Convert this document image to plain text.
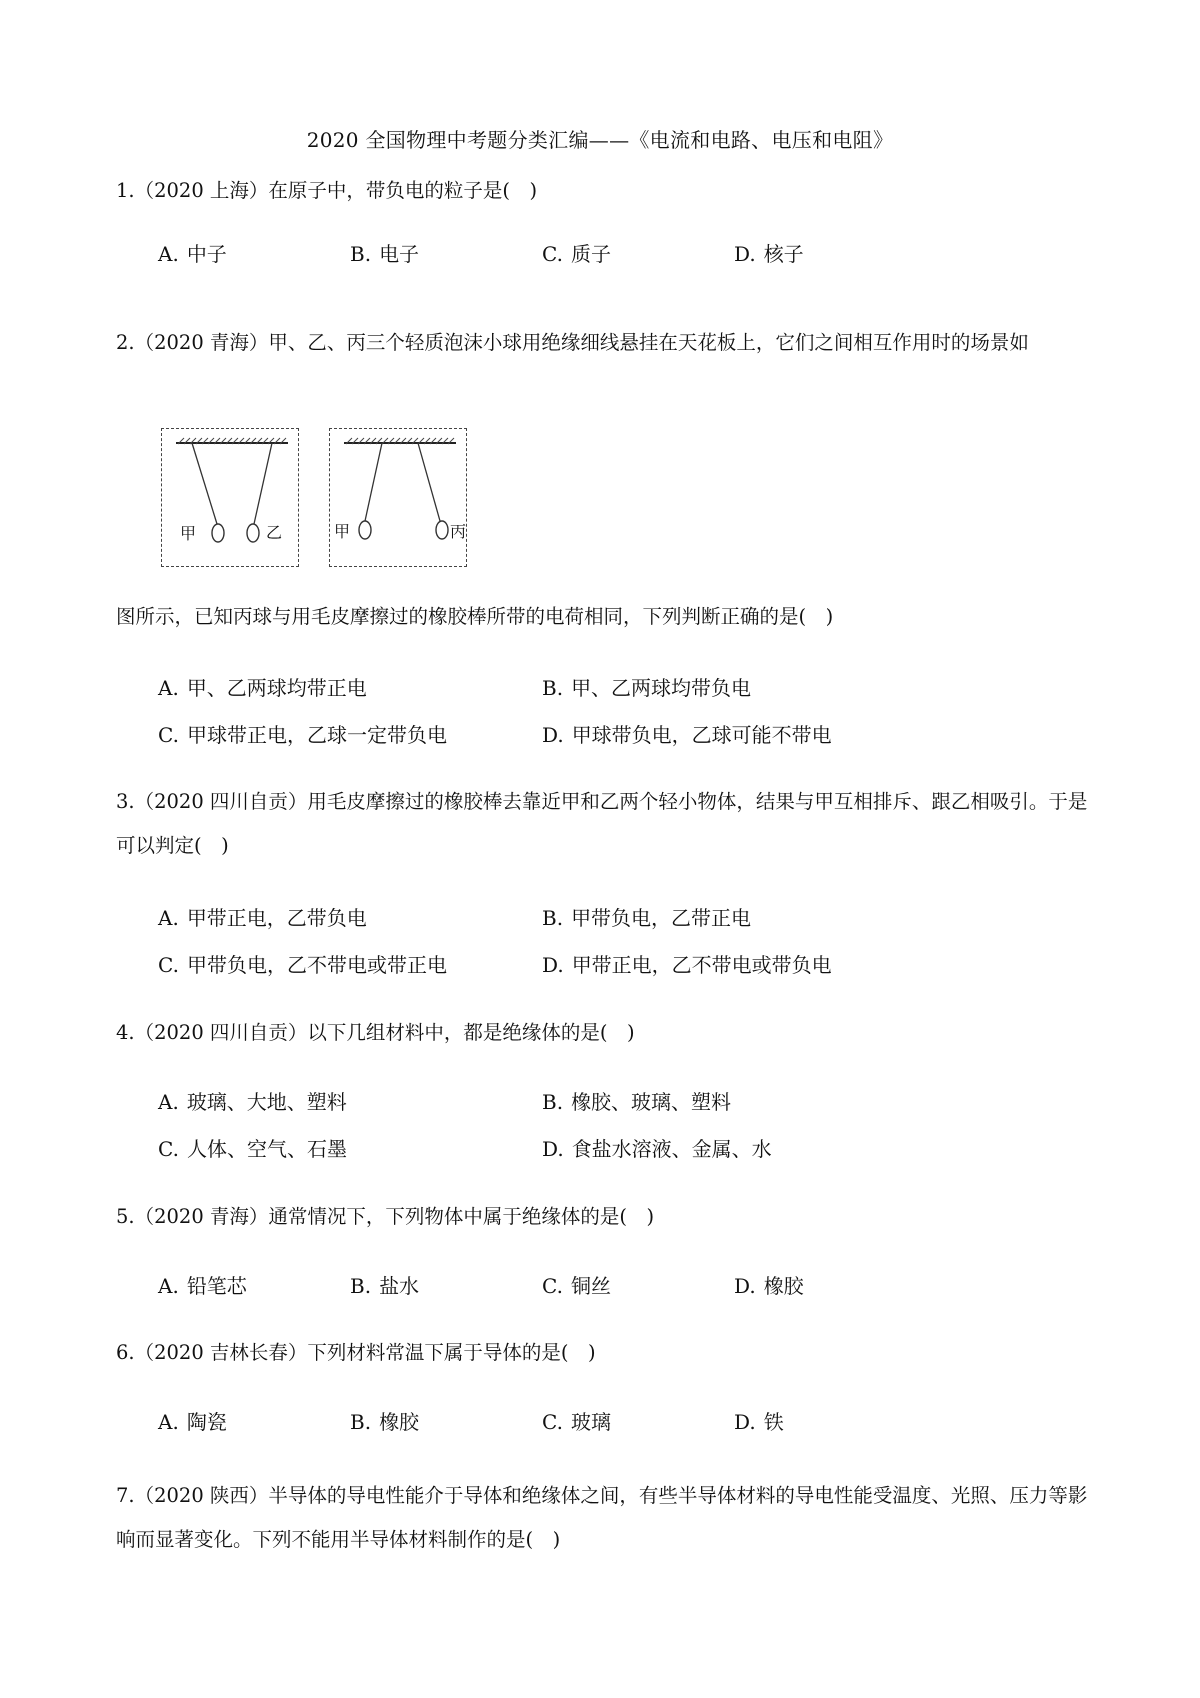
2020 全国物理中考题分类汇编——《电流和电路、电压和电阻》
1.（2020 上海）在原子中，带负电的粒子是(　)
A. 中子	B. 电子	C. 质子	D. 核子
2.（2020 青海）甲、乙、丙三个轻质泡沫小球用绝缘细线悬挂在天花板上，它们之间相互作用时的场景如
甲	乙	甲	丙
图所示，已知丙球与用毛皮摩擦过的橡胶棒所带的电荷相同，下列判断正确的是(　)
A. 甲、乙两球均带正电	B. 甲、乙两球均带负电
C. 甲球带正电，乙球一定带负电	D. 甲球带负电，乙球可能不带电
3.（2020 四川自贡）用毛皮摩擦过的橡胶棒去靠近甲和乙两个轻小物体，结果与甲互相排斥、跟乙相吸引。于是可以判定(　)
A. 甲带正电，乙带负电	B. 甲带负电，乙带正电
C. 甲带负电，乙不带电或带正电	D. 甲带正电，乙不带电或带负电
4.（2020 四川自贡）以下几组材料中，都是绝缘体的是(　)
A. 玻璃、大地、塑料	B. 橡胶、玻璃、塑料
C. 人体、空气、石墨	D. 食盐水溶液、金属、水
5.（2020 青海）通常情况下，下列物体中属于绝缘体的是(　)
A. 铅笔芯	B. 盐水	C. 铜丝	D. 橡胶
6.（2020 吉林长春）下列材料常温下属于导体的是(　)
A. 陶瓷	B. 橡胶	C. 玻璃	D. 铁
7.（2020 陕西）半导体的导电性能介于导体和绝缘体之间，有些半导体材料的导电性能受温度、光照、压力等影响而显著变化。下列不能用半导体材料制作的是(　)
